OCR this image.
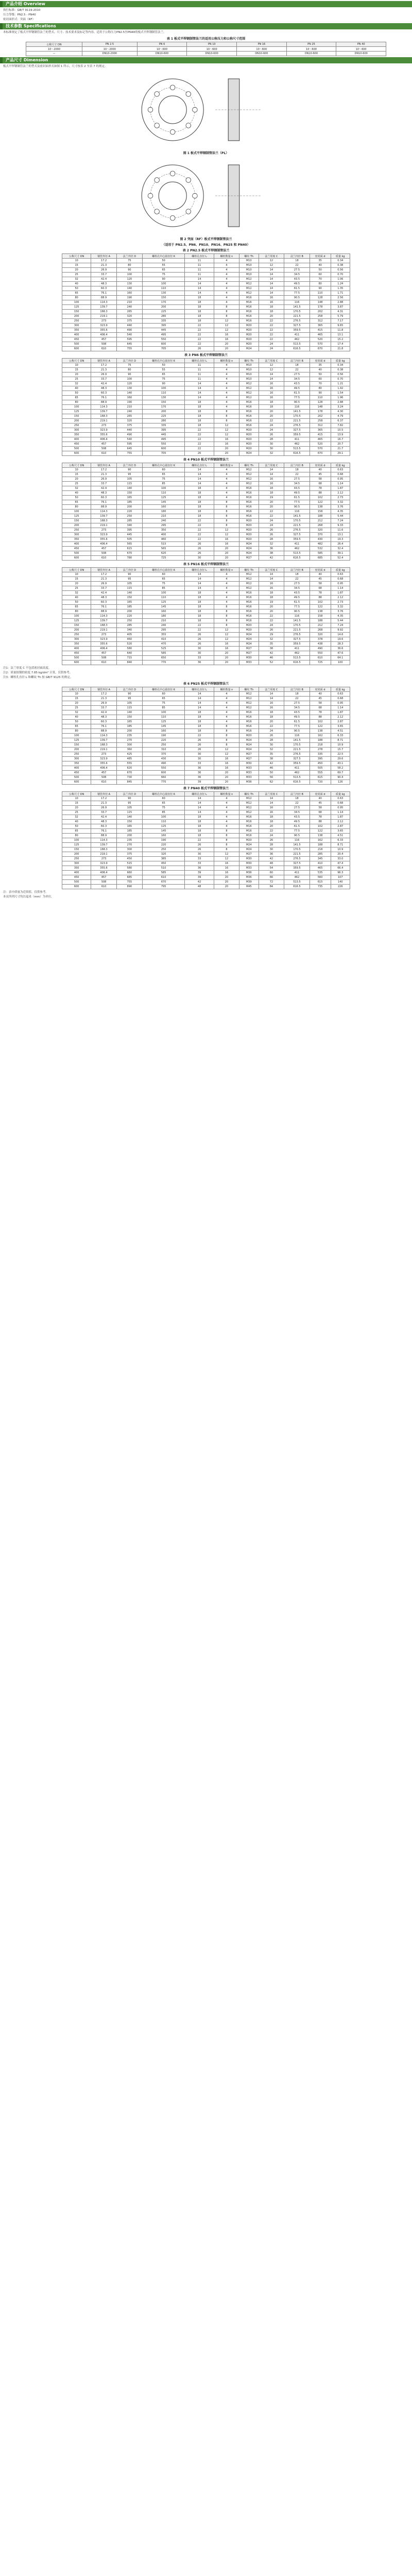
产品介绍 Overview
执行标准：GB/T 9119-2010
压力等级：PN2.5 - PN40
密封面形式：突面（RF）
技术参数 Specifications
本标准规定了板式平焊钢制管法兰的型式、尺寸、技术要求及标记等内容。适用于公称压力PN2.5至PN40的板式平焊钢制管法兰。
表 1 板式平焊钢制管法兰的适用公称压力和公称尺寸范围
公称尺寸 DN	PN 2.5	PN 6	PN 10	PN 16	PN 25	PN 40
10～2000	10～2000	10～600	10～600	10～600	10～600	10～600
—	DN10-2000	DN10-600	DN10-600	DN10-600	DN10-600	DN10-600
产品尺寸 Dimension
板式平焊钢制管法兰的型式及密封面形式如图 1 所示，尺寸按表 2 至表 7 的规定。
图 1 板式平焊钢制管法兰（PL）
图 2 突面（RF）板式平焊钢制管法兰
（适用于 PN2.5、PN6、PN10、PN16、PN25 和 PN40）
表 2 PN2.5 板式平焊钢制管法兰
公称尺寸 DN	钢管外径 A	法兰外径 D	螺栓孔中心圆直径 K	螺栓孔直径 L	螺栓数量 n	螺纹 Th	法兰厚度 C	法兰内径 B	密封面 d	质量 kg
10	17.2	75	50	11	4	M10	12	18	35	0.34
15	21.3	80	55	11	4	M10	12	22	40	0.38
20	26.9	90	65	11	4	M10	14	27.5	50	0.56
25	33.7	100	75	11	4	M10	14	34.5	60	0.70
32	42.4	120	90	14	4	M12	14	43.5	70	1.06
40	48.3	130	100	14	4	M12	14	49.5	80	1.24
50	60.3	140	110	14	4	M12	14	61.5	90	1.35
65	76.1	160	130	14	4	M12	14	77.5	110	1.71
80	88.9	190	150	18	4	M16	16	90.5	128	2.56
100	114.3	210	170	18	4	M16	16	116	148	2.88
125	139.7	240	200	18	8	M16	18	141.5	178	3.87
150	168.3	265	225	18	8	M16	18	170.5	202	4.31
200	219.1	320	280	18	8	M16	20	221.5	258	5.79
250	273	375	335	18	12	M16	22	276.5	312	7.17
300	323.9	440	395	22	12	M20	22	327.5	365	9.65
350	355.6	490	445	22	12	M20	22	359.5	415	11.8
400	406.4	540	495	22	16	M20	22	411	465	13.1
450	457	595	550	22	16	M20	22	462	520	15.2
500	508	645	600	22	20	M20	24	513.5	570	17.4
600	610	755	705	26	20	M24	24	616.5	670	21.8
表 3 PN6 板式平焊钢制管法兰
公称尺寸 DN	钢管外径 A	法兰外径 D	螺栓孔中心圆直径 K	螺栓孔直径 L	螺栓数量 n	螺纹 Th	法兰厚度 C	法兰内径 B	密封面 d	质量 kg
10	17.2	75	50	11	4	M10	12	18	35	0.34
15	21.3	80	55	11	4	M10	12	22	40	0.38
20	26.9	90	65	11	4	M10	14	27.5	50	0.56
25	33.7	100	75	11	4	M10	14	34.5	60	0.70
32	42.4	120	90	14	4	M12	16	43.5	70	1.21
40	48.3	130	100	14	4	M12	16	49.5	80	1.42
50	60.3	140	110	14	4	M12	16	61.5	90	1.54
65	76.1	160	130	14	4	M12	16	77.5	110	1.96
80	88.9	190	150	18	4	M16	18	90.5	128	2.88
100	114.3	210	170	18	4	M16	18	116	148	3.24
125	139.7	240	200	18	8	M16	20	141.5	178	4.30
150	168.3	265	225	18	8	M16	20	170.5	202	4.79
200	219.1	320	280	18	8	M16	22	221.5	258	6.37
250	273	375	335	18	12	M16	24	276.5	312	7.82
300	323.9	440	395	22	12	M20	24	327.5	365	10.5
350	355.6	490	445	22	12	M20	26	359.5	415	13.9
400	406.4	540	495	22	16	M20	28	411	465	16.7
450	457	595	550	22	16	M20	30	462	520	20.7
500	508	645	600	22	20	M20	30	513.5	570	21.7
600	610	755	705	26	20	M24	32	616.5	670	29.1
表 4 PN10 板式平焊钢制管法兰
公称尺寸 DN	钢管外径 A	法兰外径 D	螺栓孔中心圆直径 K	螺栓孔直径 L	螺栓数量 n	螺纹 Th	法兰厚度 C	法兰内径 B	密封面 d	质量 kg
10	17.2	90	60	14	4	M12	14	18	40	0.63
15	21.3	95	65	14	4	M12	14	22	45	0.68
20	26.9	105	75	14	4	M12	16	27.5	58	0.95
25	33.7	115	85	14	4	M12	16	34.5	68	1.14
32	42.4	140	100	18	4	M16	18	43.5	78	1.87
40	48.3	150	110	18	4	M16	18	49.5	88	2.12
50	60.3	165	125	18	4	M16	19	61.5	102	2.73
65	76.1	185	145	18	8	M16	20	77.5	122	3.32
80	88.9	200	160	18	8	M16	20	90.5	138	3.76
100	114.3	220	180	18	8	M16	22	116	158	4.35
125	139.7	250	210	18	8	M16	22	141.5	188	5.44
150	168.3	285	240	22	8	M20	24	170.5	212	7.24
200	219.1	340	295	22	8	M20	24	221.5	268	9.33
250	273	395	350	22	12	M20	26	276.5	320	11.6
300	323.9	445	400	22	12	M20	26	327.5	370	13.1
350	355.6	505	460	22	16	M20	28	359.5	430	19.3
400	406.4	565	515	26	16	M24	32	411	482	26.4
450	457	615	565	26	20	M24	36	462	532	32.4
500	508	670	620	26	20	M24	38	513.5	585	39.1
600	610	780	725	30	20	M27	42	616.5	685	52.4
表 5 PN16 板式平焊钢制管法兰
公称尺寸 DN	钢管外径 A	法兰外径 D	螺栓孔中心圆直径 K	螺栓孔直径 L	螺栓数量 n	螺纹 Th	法兰厚度 C	法兰内径 B	密封面 d	质量 kg
10	17.2	90	60	14	4	M12	14	18	40	0.63
15	21.3	95	65	14	4	M12	14	22	45	0.68
20	26.9	105	75	14	4	M12	16	27.5	58	0.95
25	33.7	115	85	14	4	M12	16	34.5	68	1.14
32	42.4	140	100	18	4	M16	18	43.5	78	1.87
40	48.3	150	110	18	4	M16	18	49.5	88	2.12
50	60.3	165	125	18	4	M16	19	61.5	102	2.73
65	76.1	185	145	18	8	M16	20	77.5	122	3.32
80	88.9	200	160	18	8	M16	20	90.5	138	3.76
100	114.3	220	180	18	8	M16	22	116	158	4.35
125	139.7	250	210	18	8	M16	22	141.5	188	5.44
150	168.3	285	240	22	8	M20	24	170.5	212	7.24
200	219.1	340	295	22	12	M20	26	221.5	268	9.92
250	273	405	355	26	12	M24	29	276.5	320	14.6
300	323.9	460	410	26	12	M24	32	327.5	378	19.6
350	355.6	520	470	26	16	M24	35	359.5	438	28.3
400	406.4	580	525	30	16	M27	38	411	490	36.6
450	457	640	585	30	20	M27	42	462	550	47.6
500	508	715	650	33	20	M30	46	513.5	610	64.1
600	610	840	770	36	20	M33	52	616.5	725	100
注1：法兰厚度 C 不包括密封面高度。
注2：质量按钢的密度 7.85 kg/dm³ 计算，仅供参考。
注3：螺栓孔直径 L 和螺纹 Th 按 GB/T 9125 的规定。
表 6 PN25 板式平焊钢制管法兰
公称尺寸 DN	钢管外径 A	法兰外径 D	螺栓孔中心圆直径 K	螺栓孔直径 L	螺栓数量 n	螺纹 Th	法兰厚度 C	法兰内径 B	密封面 d	质量 kg
10	17.2	90	60	14	4	M12	14	18	40	0.63
15	21.3	95	65	14	4	M12	14	22	45	0.68
20	26.9	105	75	14	4	M12	16	27.5	58	0.95
25	33.7	115	85	14	4	M12	16	34.5	68	1.14
32	42.4	140	100	18	4	M16	18	43.5	78	1.87
40	48.3	150	110	18	4	M16	18	49.5	88	2.12
50	60.3	165	125	18	4	M16	20	61.5	102	2.87
65	76.1	185	145	18	8	M16	22	77.5	122	3.65
80	88.9	200	160	18	8	M16	24	90.5	138	4.51
100	114.3	235	190	22	8	M20	26	116	162	6.33
125	139.7	270	220	26	8	M24	28	141.5	188	8.71
150	168.3	300	250	26	8	M24	30	170.5	218	10.9
200	219.1	360	310	26	12	M24	32	221.5	278	15.7
250	273	425	370	30	12	M27	35	276.5	335	22.5
300	323.9	485	430	30	16	M27	38	327.5	395	29.6
350	355.6	555	490	33	16	M30	42	359.5	450	43.1
400	406.4	620	550	36	16	M33	46	411	505	58.2
450	457	670	600	36	20	M33	50	462	555	69.7
500	508	730	660	36	20	M33	56	513.5	615	90.4
600	610	845	770	39	20	M36	62	616.5	720	126
表 7 PN40 板式平焊钢制管法兰
公称尺寸 DN	钢管外径 A	法兰外径 D	螺栓孔中心圆直径 K	螺栓孔直径 L	螺栓数量 n	螺纹 Th	法兰厚度 C	法兰内径 B	密封面 d	质量 kg
10	17.2	90	60	14	4	M12	14	18	40	0.63
15	21.3	95	65	14	4	M12	14	22	45	0.68
20	26.9	105	75	14	4	M12	16	27.5	58	0.95
25	33.7	115	85	14	4	M12	16	34.5	68	1.14
32	42.4	140	100	18	4	M16	18	43.5	78	1.87
40	48.3	150	110	18	4	M16	18	49.5	88	2.12
50	60.3	165	125	18	4	M16	20	61.5	102	2.87
65	76.1	185	145	18	8	M16	22	77.5	122	3.65
80	88.9	200	160	18	8	M16	24	90.5	138	4.51
100	114.3	235	190	22	8	M20	26	116	162	6.33
125	139.7	270	220	26	8	M24	28	141.5	188	8.71
150	168.3	300	250	26	8	M24	30	170.5	218	10.9
200	219.1	375	320	30	12	M27	36	221.5	285	20.4
250	273	450	385	33	12	M30	42	276.5	345	33.0
300	323.9	515	450	33	16	M30	48	327.5	410	47.4
350	355.6	580	510	36	16	M33	54	359.5	465	66.4
400	406.4	660	585	39	16	M36	60	411	535	96.3
450	457	685	610	39	20	M36	66	462	560	107
500	508	755	670	42	20	M39	72	513.5	615	140
600	610	890	795	48	20	M45	84	616.5	735	226
注：表中质量为近似值，仅供参考。
本页所列尺寸均以毫米（mm）为单位。
